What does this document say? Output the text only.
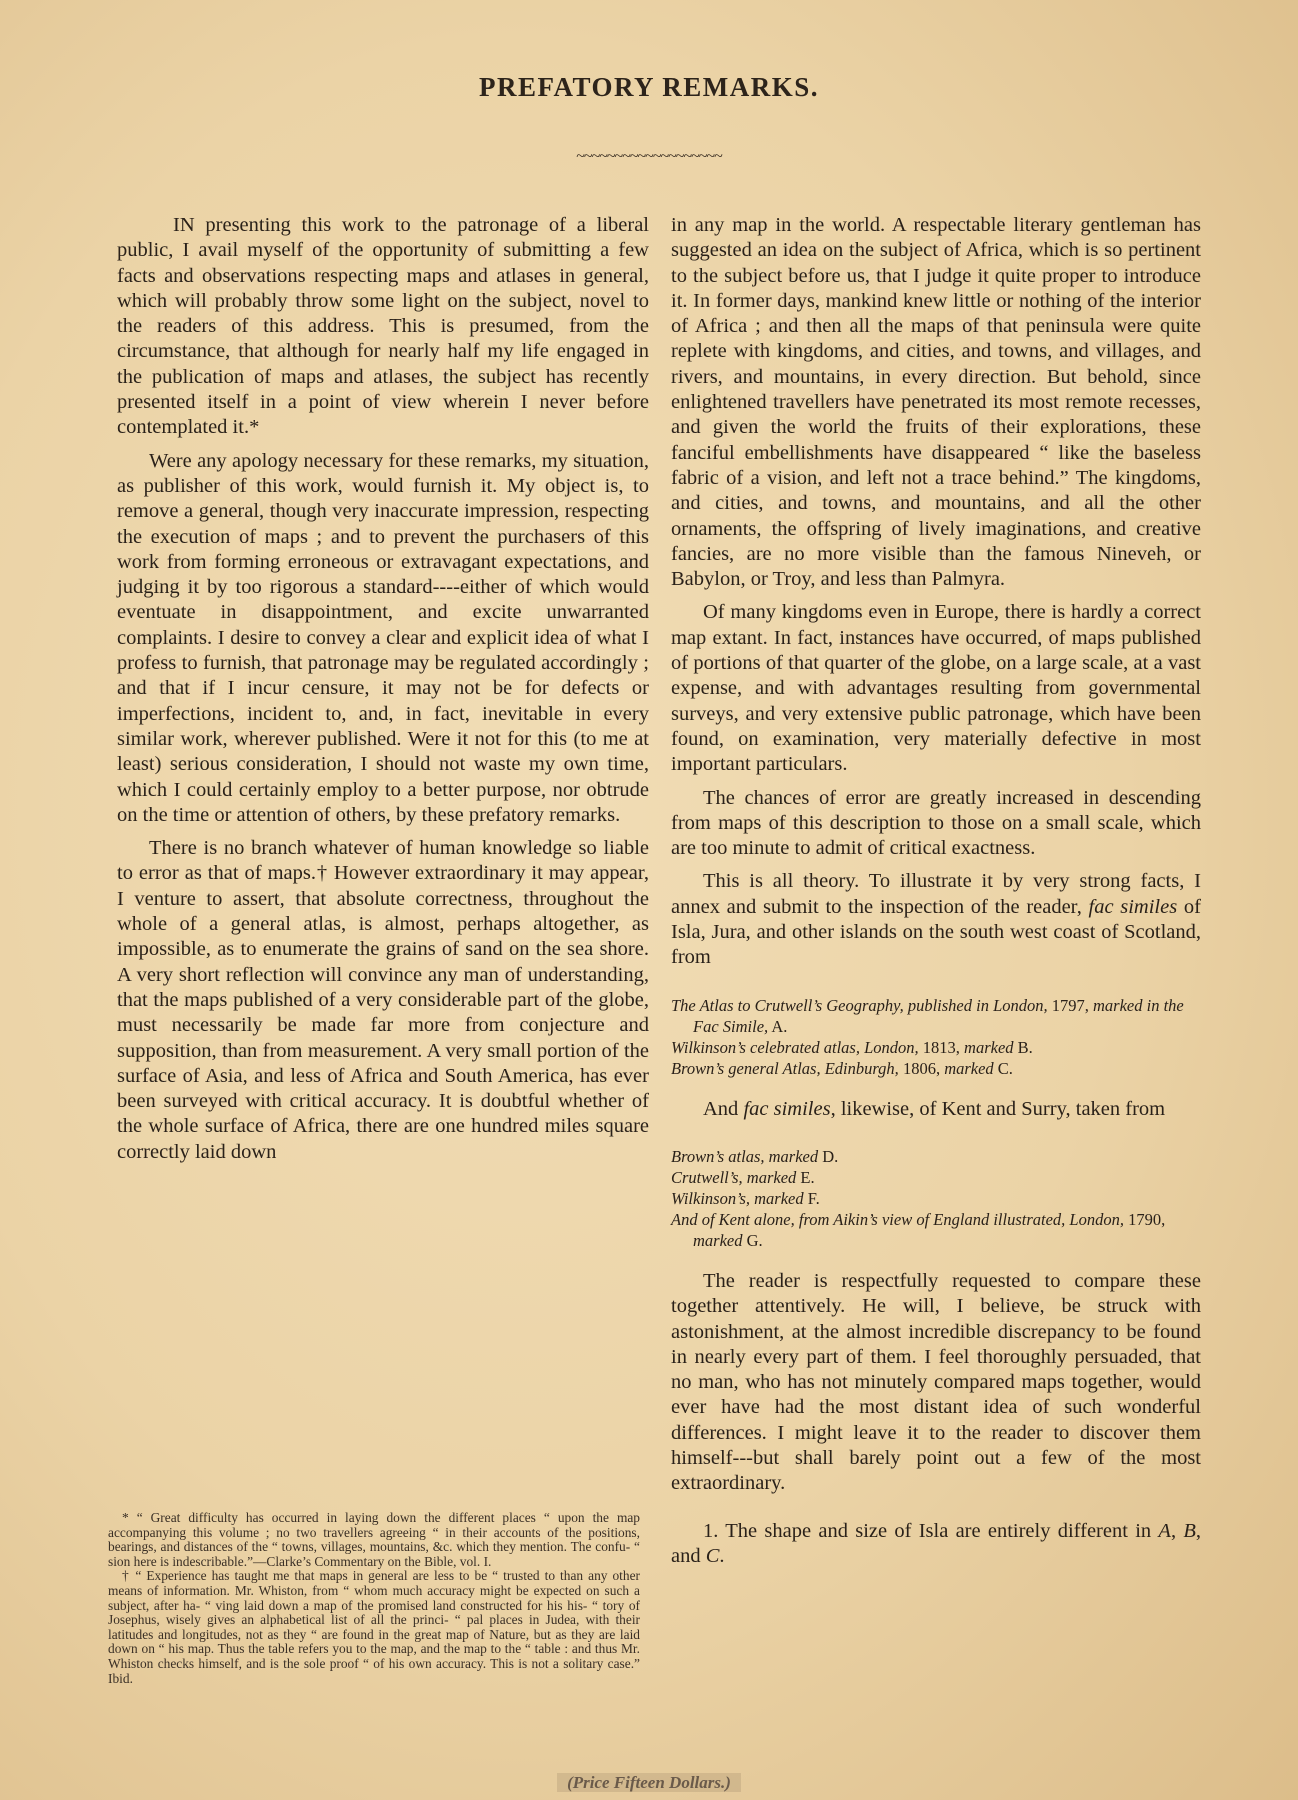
PREFATORY REMARKS.
~~~~~~~~~~~~~~~~~~~

IN presenting this work to the patronage of a liberal public, I avail myself of the opportunity of submitting a few facts and observations respecting maps and atlases in general, which will probably throw some light on the subject, novel to the readers of this address. This is presumed, from the circumstance, that although for nearly half my life engaged in the publication of maps and atlases, the subject has recently presented itself in a point of view wherein I never before contemplated it.*

Were any apology necessary for these remarks, my situation, as publisher of this work, would furnish it. My object is, to remove a general, though very inaccurate impression, respecting the execution of maps ; and to prevent the purchasers of this work from forming erroneous or extravagant expectations, and judging it by too rigorous a standard----either of which would eventuate in disappointment, and excite unwarranted complaints. I desire to convey a clear and explicit idea of what I profess to furnish, that patronage may be regulated accordingly ; and that if I incur censure, it may not be for defects or imperfections, incident to, and, in fact, inevitable in every similar work, wherever published. Were it not for this (to me at least) serious consideration, I should not waste my own time, which I could certainly employ to a better purpose, nor obtrude on the time or attention of others, by these prefatory remarks.

There is no branch whatever of human knowledge so liable to error as that of maps.† However extraordinary it may appear, I venture to assert, that absolute correctness, throughout the whole of a general atlas, is almost, perhaps altogether, as impossible, as to enumerate the grains of sand on the sea shore. A very short reflection will convince any man of understanding, that the maps published of a very considerable part of the globe, must necessarily be made far more from conjecture and supposition, than from measurement. A very small portion of the surface of Asia, and less of Africa and South America, has ever been surveyed with critical accuracy. It is doubtful whether of the whole surface of Africa, there are one hundred miles square correctly laid down

* “ Great difficulty has occurred in laying down the different places “ upon the map accompanying this volume ; no two travellers agreeing “ in their accounts of the positions, bearings, and distances of the “ towns, villages, mountains, &c. which they mention. The confu- “ sion here is indescribable.”—Clarke’s Commentary on the Bible, vol. I.

† “ Experience has taught me that maps in general are less to be “ trusted to than any other means of information. Mr. Whiston, from “ whom much accuracy might be expected on such a subject, after ha- “ ving laid down a map of the promised land constructed for his his- “ tory of Josephus, wisely gives an alphabetical list of all the princi- “ pal places in Judea, with their latitudes and longitudes, not as they “ are found in the great map of Nature, but as they are laid down on “ his map. Thus the table refers you to the map, and the map to the “ table : and thus Mr. Whiston checks himself, and is the sole proof “ of his own accuracy. This is not a solitary case.” Ibid.

in any map in the world. A respectable literary gentleman has suggested an idea on the subject of Africa, which is so pertinent to the subject before us, that I judge it quite proper to introduce it. In former days, mankind knew little or nothing of the interior of Africa ; and then all the maps of that peninsula were quite replete with kingdoms, and cities, and towns, and villages, and rivers, and mountains, in every direction. But behold, since enlightened travellers have penetrated its most remote recesses, and given the world the fruits of their explorations, these fanciful embellishments have disappeared “ like the baseless fabric of a vision, and left not a trace behind.” The kingdoms, and cities, and towns, and mountains, and all the other ornaments, the offspring of lively imaginations, and creative fancies, are no more visible than the famous Nineveh, or Babylon, or Troy, and less than Palmyra.

Of many kingdoms even in Europe, there is hardly a correct map extant. In fact, instances have occurred, of maps published of portions of that quarter of the globe, on a large scale, at a vast expense, and with advantages resulting from governmental surveys, and very extensive public patronage, which have been found, on examination, very materially defective in most important particulars.

The chances of error are greatly increased in descending from maps of this description to those on a small scale, which are too minute to admit of critical exactness.

This is all theory. To illustrate it by very strong facts, I annex and submit to the inspection of the reader, fac similes of Isla, Jura, and other islands on the south west coast of Scotland, from

The Atlas to Crutwell’s Geography, published in London, 1797, marked in the Fac Simile, A.
Wilkinson’s celebrated atlas, London, 1813, marked B.
Brown’s general Atlas, Edinburgh, 1806, marked C.

And fac similes, likewise, of Kent and Surry, taken from

Brown’s atlas, marked D.
Crutwell’s, marked E.
Wilkinson’s, marked F.
And of Kent alone, from Aikin’s view of England illustrated, London, 1790, marked G.

The reader is respectfully requested to compare these together attentively. He will, I believe, be struck with astonishment, at the almost incredible discrepancy to be found in nearly every part of them. I feel thoroughly persuaded, that no man, who has not minutely compared maps together, would ever have had the most distant idea of such wonderful differences. I might leave it to the reader to discover them himself---but shall barely point out a few of the most extraordinary.

1. The shape and size of Isla are entirely different in A, B, and C.

(Price Fifteen Dollars.)
